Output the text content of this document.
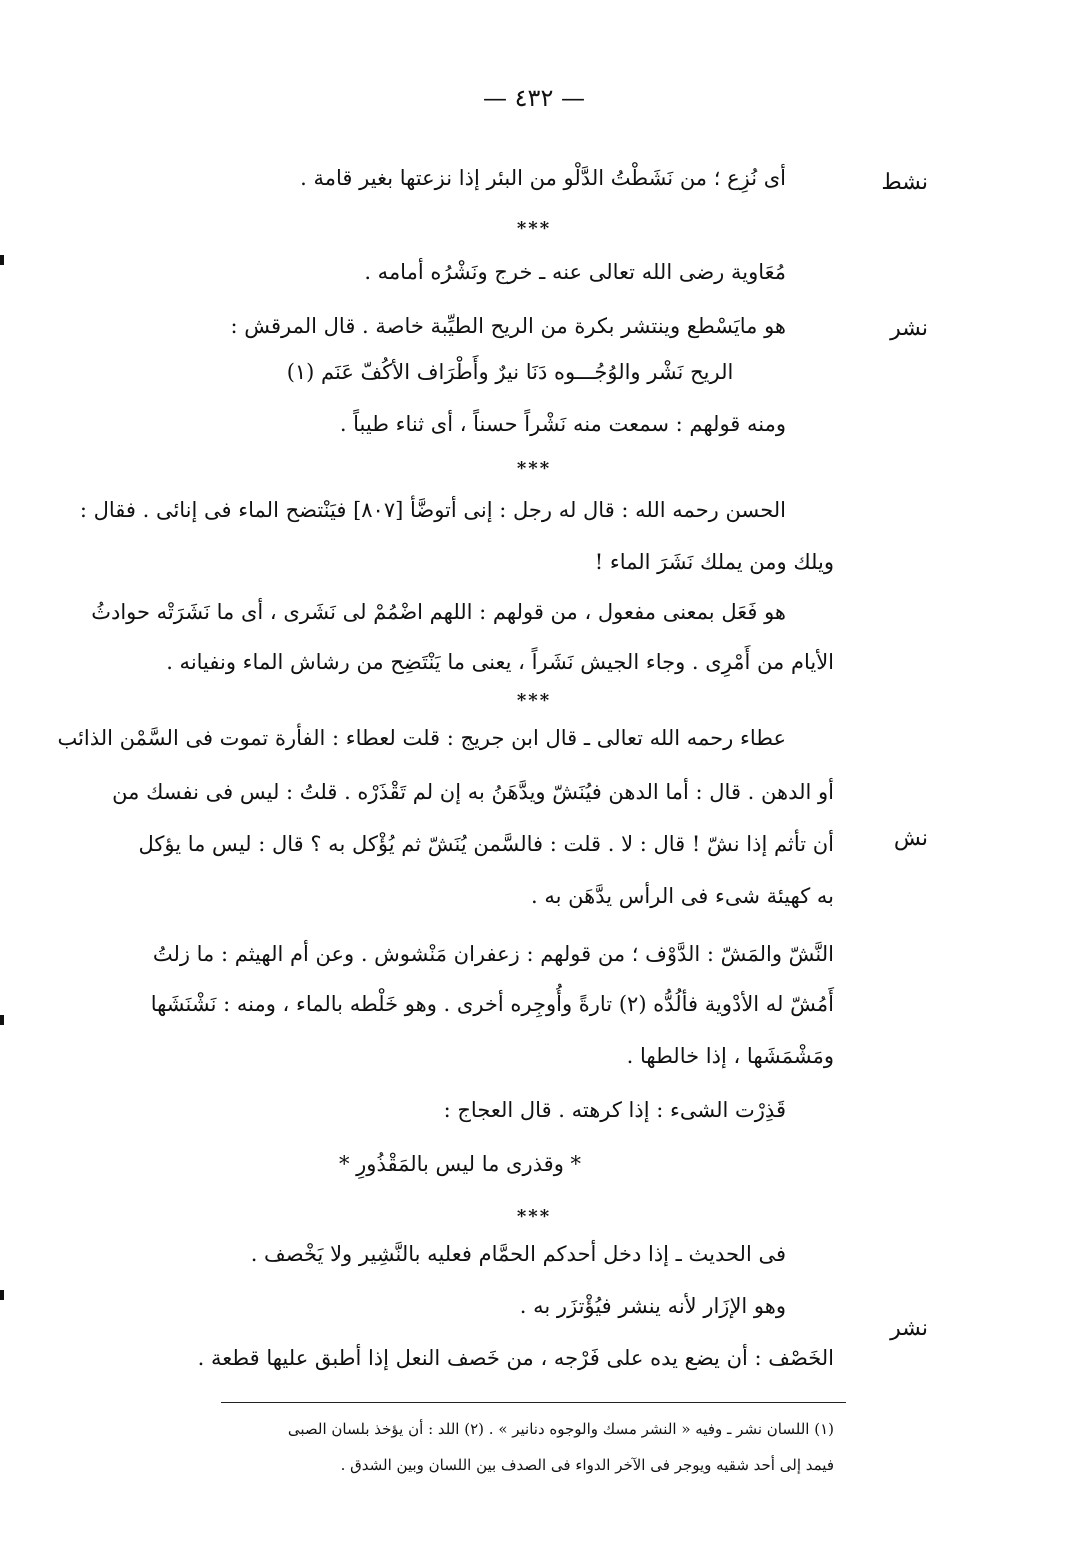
— ٤٣٢ —
نشط
نشر
نش
نشر
أى نُزِع ؛ من نَشَطْتُ الدَّلْو من البئر إذا نزعتها بغير قامة .
***
مُعَاوية رضى الله تعالى عنه ـ خرج ونَشْرُه أمامه .
هو مايَسْطع وينتشر بكرة من الريح الطيِّبة خاصة . قال المرقش :
الريح نَشْر والوُجُـــوه دَنَا نيرٌ وأَطْرَاف الأكُفّ عَنَم (١)
ومنه قولهم : سمعت منه نَشْراً حسناً ، أى ثناء طيباً .
***
الحسن رحمه الله : قال له رجل : إنى أتوضَّأ [٨٠٧] فيَنْتضح الماء فى إنائى . فقال :
ويلك ومن يملك نَشَرَ الماء !
هو فَعَل بمعنى مفعول ، من قولهم : اللهم اضْمُمْ لى نَشَرى ، أى ما نَشَرَتْه حوادثُ
الأيام من أَمْرِى . وجاء الجيش نَشَراً ، يعنى ما يَنْتَضِح من رشاش الماء ونفيانه .
***
عطاء رحمه الله تعالى ـ قال ابن جريج : قلت لعطاء : الفأرة تموت فى السَّمْن الذائب
أو الدهن . قال : أما الدهن فيُنَشّ ويدَّهَنُ به إن لم تَقْذَرْه . قلتُ : ليس فى نفسك من
أن تأثم إذا نشّ ! قال : لا . قلت : فالسَّمن يُنَشّ ثم يُؤْكل به ؟ قال : ليس ما يؤكل
به كهيئة شىء فى الرأس يدَّهَن به .
النَّشّ والمَشّ : الدَّوْف ؛ من قولهم : زعفران مَنْشوش . وعن أم الهيثم : ما زلتُ
أَمُشّ له الأدْوية فألُدُّه (٢) تارةً وأُوجِره أخرى . وهو خَلْطه بالماء ، ومنه : نَشْنَشَها
ومَشْمَشَها ، إذا خالطها .
قَذِرْت الشىء : إذا كرهته . قال العجاج :
* وقذرى ما ليس بالمَقْذُورِ *
***
فى الحديث ـ إذا دخل أحدكم الحمَّام فعليه بالنَّشِير ولا يَخْصف .
وهو الإزَار لأنه ينشر فيُؤْتزَر به .
الخَصْف : أن يضع يده على فَرْجه ، من خَصف النعل إذا أطبق عليها قطعة .
(١) اللسان نشر ـ وفيه « النشر مسك والوجوه دنانير » . (٢) اللد : أن يؤخذ بلسان الصبى
فيمد إلى أحد شقيه ويوجر فى الآخر الدواء فى الصدف بين اللسان وبين الشدق .
